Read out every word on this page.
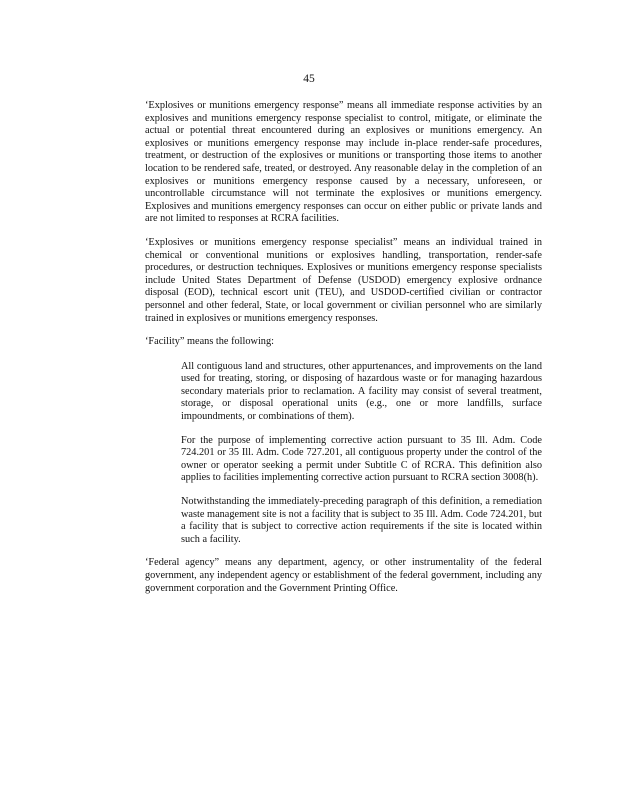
45

‘Explosives or munitions emergency response” means all immediate response activities by an explosives and munitions emergency response specialist to control, mitigate, or eliminate the actual or potential threat encountered during an explosives or munitions emergency. An explosives or munitions emergency response may include in-place render-safe procedures, treatment, or destruction of the explosives or munitions or transporting those items to another location to be rendered safe, treated, or destroyed. Any reasonable delay in the completion of an explosives or munitions emergency response caused by a necessary, unforeseen, or uncontrollable circumstance will not terminate the explosives or munitions emergency. Explosives and munitions emergency responses can occur on either public or private lands and are not limited to responses at RCRA facilities.

‘Explosives or munitions emergency response specialist” means an individual trained in chemical or conventional munitions or explosives handling, transportation, render-safe procedures, or destruction techniques. Explosives or munitions emergency response specialists include United States Department of Defense (USDOD) emergency explosive ordnance disposal (EOD), technical escort unit (TEU), and USDOD-certified civilian or contractor personnel and other federal, State, or local government or civilian personnel who are similarly trained in explosives or munitions emergency responses.

‘Facility” means the following:

All contiguous land and structures, other appurtenances, and improvements on the land used for treating, storing, or disposing of hazardous waste or for managing hazardous secondary materials prior to reclamation. A facility may consist of several treatment, storage, or disposal operational units (e.g., one or more landfills, surface impoundments, or combinations of them).

For the purpose of implementing corrective action pursuant to 35 Ill. Adm. Code 724.201 or 35 Ill. Adm. Code 727.201, all contiguous property under the control of the owner or operator seeking a permit under Subtitle C of RCRA. This definition also applies to facilities implementing corrective action pursuant to RCRA section 3008(h).

Notwithstanding the immediately-preceding paragraph of this definition, a remediation waste management site is not a facility that is subject to 35 Ill. Adm. Code 724.201, but a facility that is subject to corrective action requirements if the site is located within such a facility.

‘Federal agency” means any department, agency, or other instrumentality of the federal government, any independent agency or establishment of the federal government, including any government corporation and the Government Printing Office.
